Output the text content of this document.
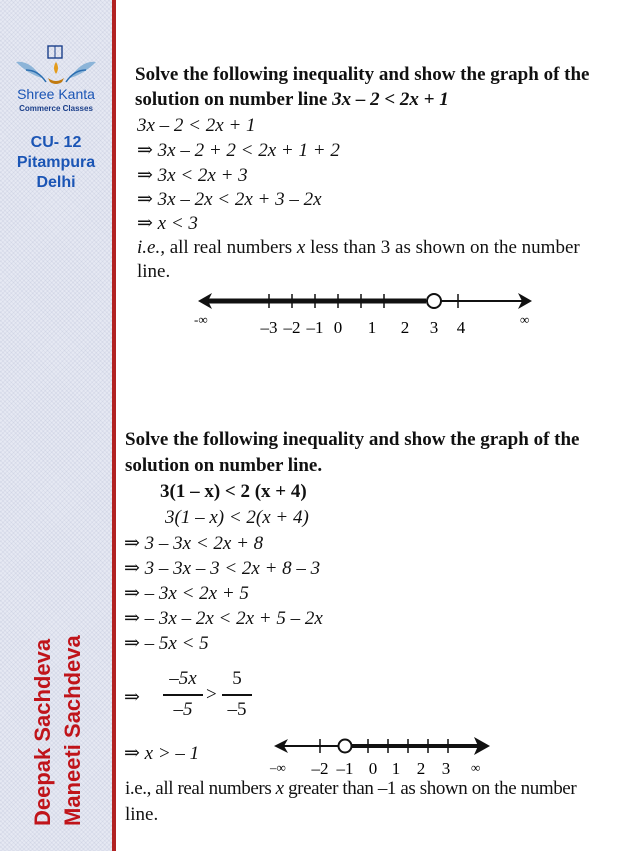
Shree Kanta
Commerce Classes
CU- 12
Pitampura
Delhi
Deepak Sachdeva Maneeti Sachdeva
Solve the following inequality and show the graph of the
solution on number line 3x – 2 < 2x + 1
3x – 2 < 2x + 1
⇒ 3x – 2 + 2 < 2x + 1 + 2
⇒ 3x < 2x + 3
⇒ 3x – 2x < 2x + 3 – 2x
⇒ x < 3
i.e., all real numbers x less than 3 as shown on the number
line.
-∞	∞
–3 –2 –1 0 1 2 3 4
Solve the following inequality and show the graph of the
solution on number line.
3(1 – x) < 2 (x + 4)
3(1 – x) < 2(x + 4)
⇒ 3 – 3x < 2x + 8
⇒ 3 – 3x – 3 < 2x + 8 – 3
⇒ – 3x < 2x + 5
⇒ – 3x – 2x < 2x + 5 – 2x
⇒ – 5x < 5
⇒
–5x
–5
>
5
–5
⇒ x > – 1
–∞	∞
–2 –1 0 1 2 3
i.e., all real numbers x greater than –1 as shown on the number
line.
